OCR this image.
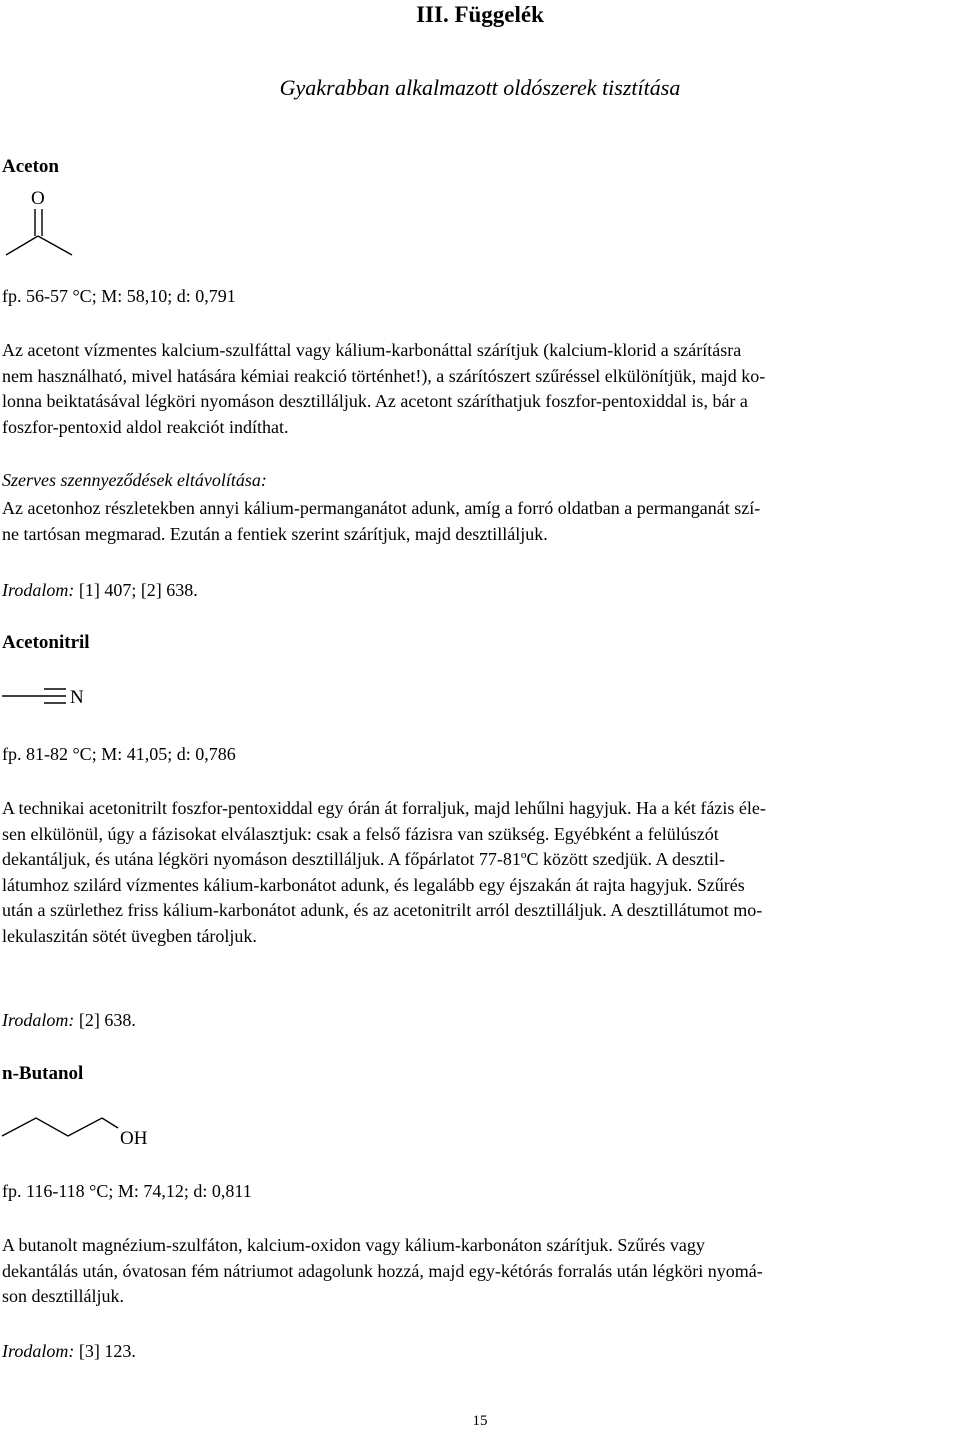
III. Függelék
Gyakrabban alkalmazott oldószerek tisztítása
Aceton
O
fp. 56-57 °C; M: 58,10; d: 0,791
Az acetont vízmentes kalcium-szulfáttal vagy kálium-karbonáttal szárítjuk (kalcium-klorid a szárításra
nem használható, mivel hatására kémiai reakció történhet!), a szárítószert szűréssel elkülönítjük, majd ko-
lonna beiktatásával légköri nyomáson desztilláljuk. Az acetont száríthatjuk foszfor-pentoxiddal is, bár a
foszfor-pentoxid aldol reakciót indíthat.
Szerves szennyeződések eltávolítása:
Az acetonhoz részletekben annyi kálium-permanganátot adunk, amíg a forró oldatban a permanganát szí-
ne tartósan megmarad. Ezután a fentiek szerint szárítjuk, majd desztilláljuk.
Irodalom: [1] 407; [2] 638.
Acetonitril
N
fp. 81-82 °C; M: 41,05; d: 0,786
A technikai acetonitrilt foszfor-pentoxiddal egy órán át forraljuk, majd lehűlni hagyjuk. Ha a két fázis éle-
sen elkülönül, úgy a fázisokat elválasztjuk: csak a felső fázisra van szükség. Egyébként a felülúszót
dekantáljuk, és utána légköri nyomáson desztilláljuk. A főpárlatot 77-81ºC között szedjük. A desztil-
látumhoz szilárd vízmentes kálium-karbonátot adunk, és legalább egy éjszakán át rajta hagyjuk. Szűrés
után a szürlethez friss kálium-karbonátot adunk, és az acetonitrilt arról desztilláljuk. A desztillátumot mo-
lekulaszitán sötét üvegben tároljuk.
Irodalom: [2] 638.
n-Butanol
OH
fp. 116-118 °C; M: 74,12; d: 0,811
A butanolt magnézium-szulfáton, kalcium-oxidon vagy kálium-karbonáton szárítjuk. Szűrés vagy
dekantálás után, óvatosan fém nátriumot adagolunk hozzá, majd egy-kétórás forralás után légköri nyomá-
son desztilláljuk.
Irodalom: [3] 123.
15
